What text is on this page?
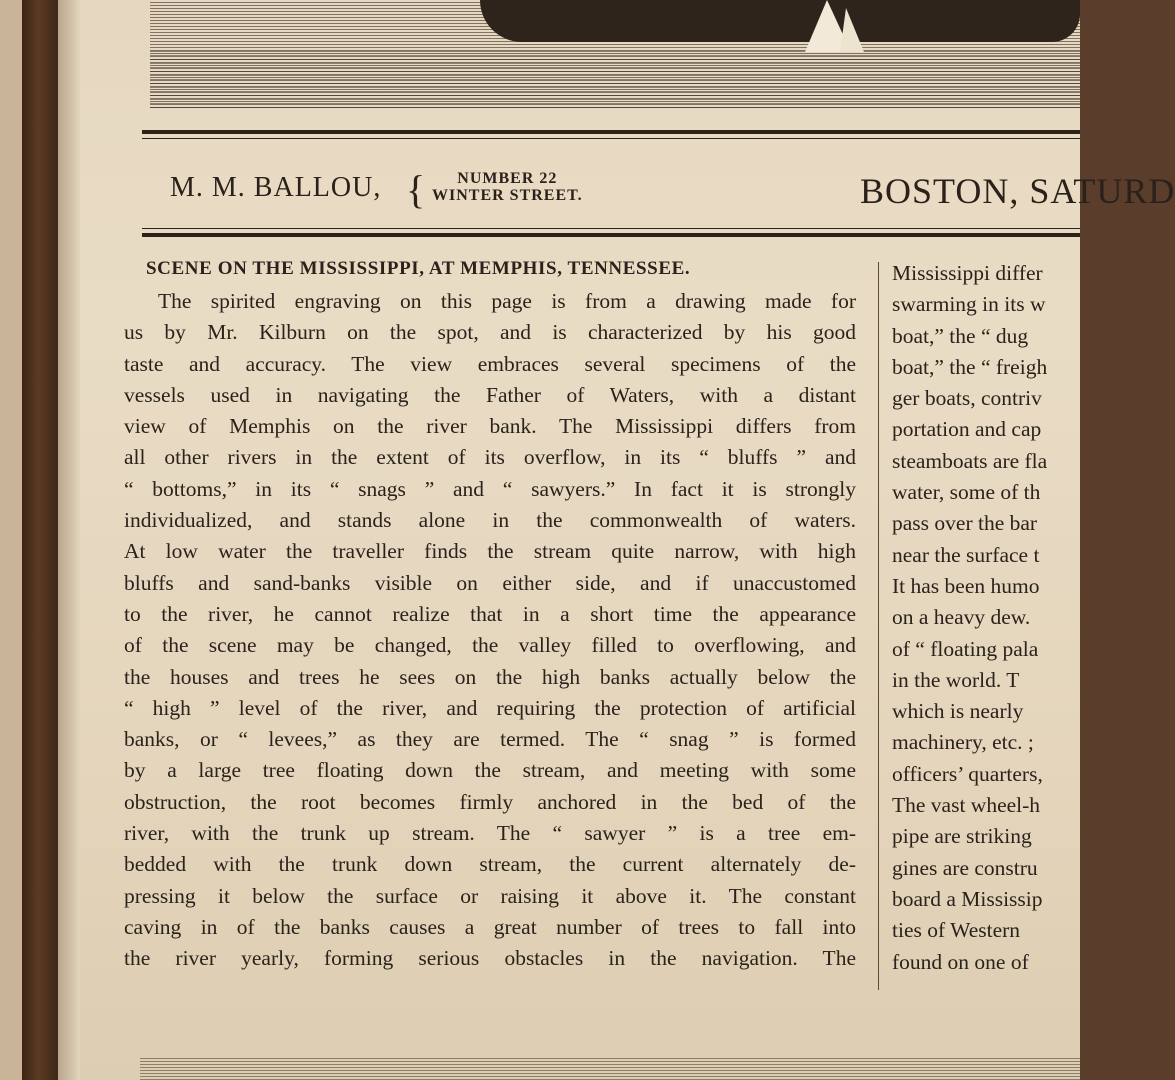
M. M. BALLOU, {	NUMBER 22
WINTER STREET.	BOSTON, SATURD
SCENE ON THE MISSISSIPPI, AT MEMPHIS, TENNESSEE.
The spirited engraving on this page is from a drawing made for
us by Mr. Kilburn on the spot, and is characterized by his good
taste and accuracy. The view embraces several specimens of the
vessels used in navigating the Father of Waters, with a distant
view of Memphis on the river bank. The Mississippi differs from
all other rivers in the extent of its overflow, in its “ bluffs ” and
“ bottoms,” in its “ snags ” and “ sawyers.” In fact it is strongly
individualized, and stands alone in the commonwealth of waters.
At low water the traveller finds the stream quite narrow, with high
bluffs and sand-banks visible on either side, and if unaccustomed
to the river, he cannot realize that in a short time the appearance
of the scene may be changed, the valley filled to overflowing, and
the houses and trees he sees on the high banks actually below the
“ high ” level of the river, and requiring the protection of artificial
banks, or “ levees,” as they are termed. The “ snag ” is formed
by a large tree floating down the stream, and meeting with some
obstruction, the root becomes firmly anchored in the bed of the
river, with the trunk up stream. The “ sawyer ” is a tree em-
bedded with the trunk down stream, the current alternately de-
pressing it below the surface or raising it above it. The constant
caving in of the banks causes a great number of trees to fall into
the river yearly, forming serious obstacles in the navigation. The
Mississippi differ
swarming in its w
boat,” the “ dug
boat,” the “ freigh
ger boats, contriv
portation and cap
steamboats are fla
water, some of th
pass over the bar
near the surface t
It has been humo
on a heavy dew.
of “ floating pala
in the world. T
which is nearly
machinery, etc. ;
officers’ quarters,
The vast wheel-h
pipe are striking
gines are constru
board a Mississip
ties of Western
found on one of
